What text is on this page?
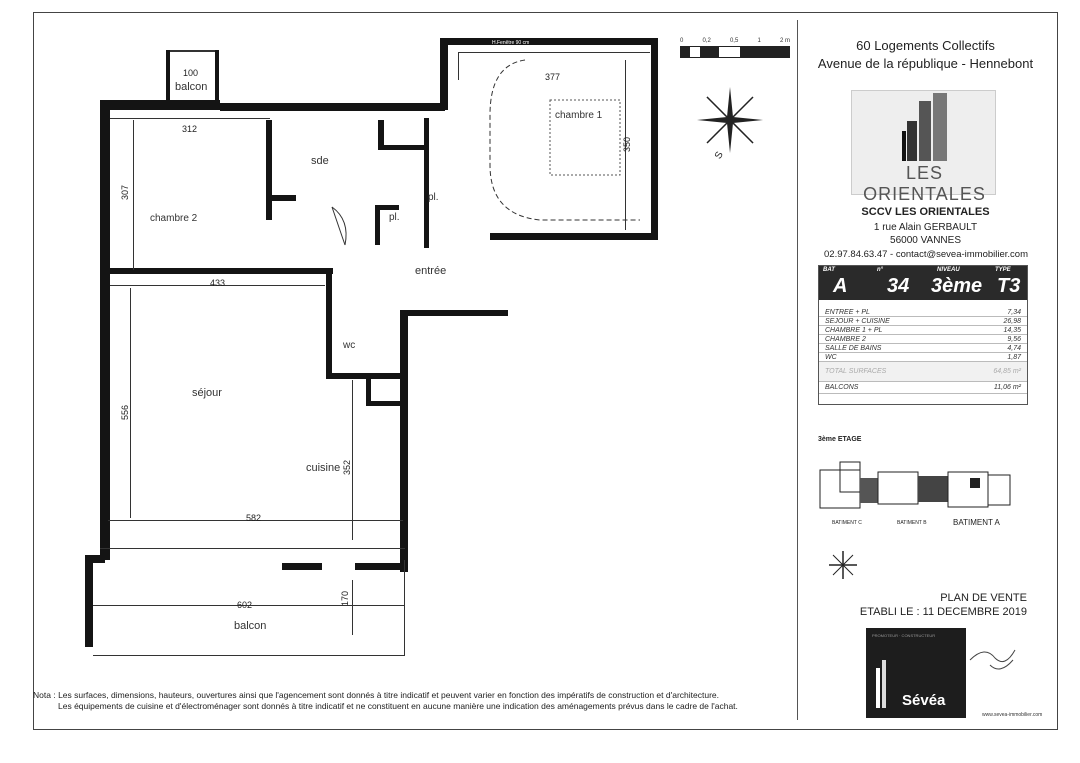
100
balcon
chambre 1
sde
chambre 2
pl.
pl.
entrée
wc
séjour
cuisine
balcon
377
312
307
350
433
556
352
582
602	170
H.Fenêtre 90 cm	0	0,2	0,5	1	2 m
S
60 Logements Collectifs
Avenue de la république - Hennebont
LES ORIENTALES
SCCV LES ORIENTALES
1 rue Alain GERBAULT
56000 VANNES
02.97.84.63.47 - contact@sevea-immobilier.com
BAT	n°	NIVEAU	TYPE
A 34 3ème T3
ENTREE + PL	7,34
SEJOUR + CUISINE	26,98
CHAMBRE 1 + PL	14,35
CHAMBRE 2	9,56
SALLE DE BAINS	4,74
WC	1,87
TOTAL SURFACES	64,85 m²
BALCONS	11,06 m²
3ème ETAGE
BATIMENT C	BATIMENT B	BATIMENT A
PLAN DE VENTE
ETABLI LE : 11 DECEMBRE 2019
PROMOTEUR · CONSTRUCTEUR
Sévéa
www.sevea-immobilier.com
Nota : Les surfaces, dimensions, hauteurs, ouvertures ainsi que l'agencement sont donnés à titre indicatif et peuvent varier en fonction des impératifs de construction et d'architecture.
Les équipements de cuisine et d'électroménager sont donnés à titre indicatif et ne constituent en aucune manière une indication des aménagements prévus dans le cadre de l'achat.
